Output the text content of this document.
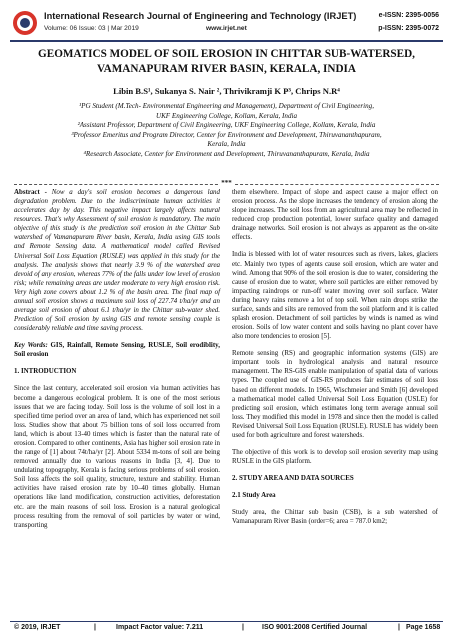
International Research Journal of Engineering and Technology (IRJET)
Volume: 06 Issue: 03 | Mar 2019	www.irjet.net
e-ISSN: 2395-0056
p-ISSN: 2395-0072
GEOMATICS MODEL OF SOIL EROSION IN CHITTAR SUB-WATERSED,
VAMANAPURAM RIVER BASIN, KERALA, INDIA
Libin B.S¹, Sukanya S. Nair ², Thrivikramji K P³, Chrips N.R⁴

¹PG Student (M.Tech- Environmental Engineering and Management), Department of Civil Engineering,

UKF Engineering College, Kollam, Kerala, India

²Assistant Professor, Department of Civil Engineering, UKF Engineering College, Kollam, Kerala, India

³Professor Emeritus and Program Director, Center for Environment and Development, Thiruvananthapuram,

Kerala, India

⁴Research Associate, Center for Environment and Development, Thiruvananthapuram, Kerala, India

***

Abstract - Now a day's soil erosion becomes a dangerous land degradation problem. Due to the indiscriminate human activities it accelerates day by day. This negative impact largely affects natural resources. That's why Assessment of soil erosion is mandatory. The main objective of this study is the prediction soil erosion in the Chittar Sub watershed of Vamanapuram River basin, Kerala, India using GIS tools and Remote Sensing data. A mathematical model called Revised Universal Soil Loss Equation (RUSLE) was applied in this study for the analysis. The analysis shows that nearly 3.9 % of the watershed area devoid of any erosion, whereas 77% of the falls under low level of erosion risk; while remaining areas are under moderate to very high erosion risk. Very high zone covers about 1.2 % of the basin area. The final map of annual soil erosion shows a maximum soil loss of 227.74 t/ha/yr and an average soil erosion of about 6.1 t/ha/yr in the Chittar sub-water shed. Prediction of Soil erosion by using GIS and remote sensing couple is considerably reliable and time saving process.

Key Words: GIS, Rainfall, Remote Sensing, RUSLE, Soil erodiblity, Soil erosion

1. INTRODUCTION

Since the last century, accelerated soil erosion via human activities has become a dangerous ecological problem. It is one of the most serious issues that we are facing today. Soil loss is the volume of soil lost in a specified time period over an area of land, which has experienced net soil loss. Studies show that about 75 billion tons of soil loss occurred from land, which is about 13-40 times which is faster than the natural rate of erosion. Compared to other continents, Asia has higher soil erosion rate in the range of [1] about 74t/ha/yr [2]. About 5334 m-tons of soil are being removed annually due to various reasons in India [3, 4]. Due to undulating topography, Kerala is facing serious problems of soil erosion. Soil loss affects the soil quality, structure, texture and stability. Human activities have raised erosion rate by 10–40 times globally. Human operations like land modification, construction activities, deforestation etc. are the main reasons of soil loss. Erosion is a natural geological process resulting from the removal of soil particles by water or wind, transporting

them elsewhere. Impact of slope and aspect cause a major effect on erosion process. As the slope increases the tendency of erosion along the slope increases. The soil loss from an agricultural area may be reflected in reduced crop production potential, lower surface quality and damaged drainage networks. Soil erosion is not always as apparent as the on-site effects.

India is blessed with lot of water resources such as rivers, lakes, glaciers etc. Mainly two types of agents cause soil erosion, which are water and wind. Among that 90% of the soil erosion is due to water, considering the cause of erosion due to water, where soil particles are either removed by impacting raindrops or run-off water moving over soil surface. Water during heavy rains remove a lot of top soil. When rain drops strike the surface, sands and silts are removed from the soil platform and it is called splash erosion. Detachment of soil particles by winds is named as wind erosion. Soils of low water content and soils having no plant cover have also more tendencies to erosion [5].

Remote sensing (RS) and geographic information systems (GIS) are important tools in hydrological analysis and natural resource management. The RS-GIS enable manipulation of spatial data of various types. The coupled use of GIS-RS produces fair estimates of soil loss based on different models. In 1965, Wischmeier and Smith [6] developed a mathematical model called Universal Soil Loss Equation (USLE) for predicting soil erosion, which estimates long term average annual soil loss. They modified this model in 1978 and since then the model is called Revised Universal Soil Loss Equation (RUSLE). RUSLE has widely been used for both agriculture and forest watersheds.

The objective of this work is to develop soil erosion severity map using RUSLE in the GIS platform.

2. STUDY AREA AND DATA SOURCES
2.1 Study Area

Study area, the Chittar sub basin (CSB), is a sub watershed of Vamanapuram River Basin (order=6; area = 787.0 km2;

© 2019, IRJET	|	Impact Factor value: 7.211	|	ISO 9001:2008 Certified Journal	| Page 1658
